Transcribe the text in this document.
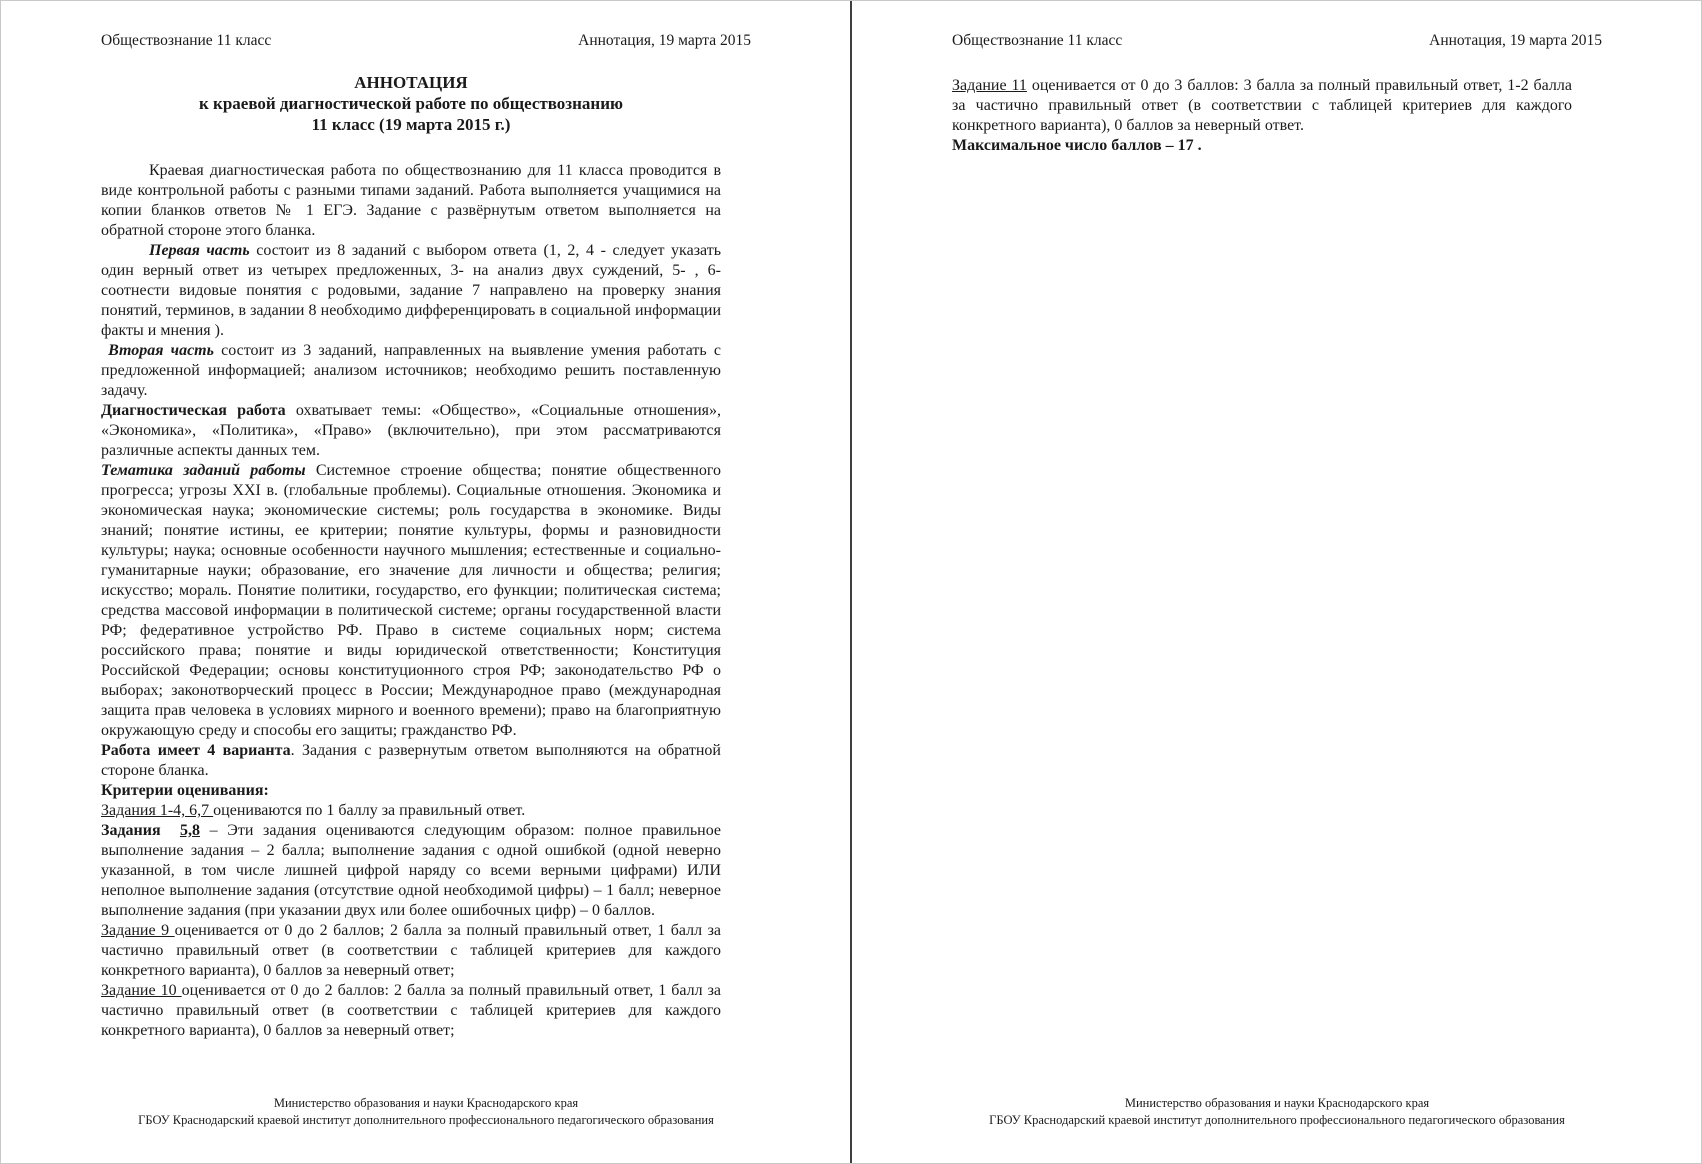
Обществознание 11 класс	Аннотация, 19 марта 2015
АННОТАЦИЯ
к краевой диагностической работе по обществознанию
11 класс (19 марта 2015 г.)

Краевая диагностическая работа по обществознанию для 11 класса проводится в виде контрольной работы с разными типами заданий. Работа выполняется учащимися на копии бланков ответов № 1 ЕГЭ. Задание с развёрнутым ответом выполняется на обратной стороне этого бланка.

Первая часть состоит из 8 заданий с выбором ответа (1, 2, 4 - следует указать один верный ответ из четырех предложенных, 3- на анализ двух суждений, 5- , 6- соотнести видовые понятия с родовыми, задание 7 направлено на проверку знания понятий, терминов, в задании 8 необходимо дифференцировать в социальной информации факты и мнения ).

Вторая часть состоит из 3 заданий, направленных на выявление умения работать с предложенной информацией; анализом источников; необходимо решить поставленную задачу.

Диагностическая работа охватывает темы: «Общество», «Социальные отношения», «Экономика», «Политика», «Право» (включительно), при этом рассматриваются различные аспекты данных тем.

Тематика заданий работы Системное строение общества; понятие общественного прогресса; угрозы XXI в. (глобальные проблемы). Социальные отношения. Экономика и экономическая наука; экономические системы; роль государства в экономике. Виды знаний; понятие истины, ее критерии; понятие культуры, формы и разновидности культуры; наука; основные особенности научного мышления; естественные и социально-гуманитарные науки; образование, его значение для личности и общества; религия; искусство; мораль. Понятие политики, государство, его функции; политическая система; средства массовой информации в политической системе; органы государственной власти РФ; федеративное устройство РФ. Право в системе социальных норм; система российского права; понятие и виды юридической ответственности; Конституция Российской Федерации; основы конституционного строя РФ; законодательство РФ о выборах; законотворческий процесс в России; Международное право (международная защита прав человека в условиях мирного и военного времени); право на благоприятную окружающую среду и способы его защиты; гражданство РФ.

Работа имеет 4 варианта. Задания с развернутым ответом выполняются на обратной стороне бланка.

Критерии оценивания:

Задания 1-4, 6,7 оцениваются по 1 баллу за правильный ответ.

Задания 5,8 – Эти задания оцениваются следующим образом: полное правильное выполнение задания – 2 балла; выполнение задания с одной ошибкой (одной неверно указанной, в том числе лишней цифрой наряду со всеми верными цифрами) ИЛИ неполное выполнение задания (отсутствие одной необходимой цифры) – 1 балл; неверное выполнение задания (при указании двух или более ошибочных цифр) – 0 баллов.

Задание 9 оценивается от 0 до 2 баллов; 2 балла за полный правильный ответ, 1 балл за частично правильный ответ (в соответствии с таблицей критериев для каждого конкретного варианта), 0 баллов за неверный ответ;

Задание 10 оценивается от 0 до 2 баллов: 2 балла за полный правильный ответ, 1 балл за частично правильный ответ (в соответствии с таблицей критериев для каждого конкретного варианта), 0 баллов за неверный ответ;

Министерство образования и науки Краснодарского края
ГБОУ Краснодарский краевой институт дополнительного профессионального педагогического образования
Обществознание 11 класс	Аннотация, 19 марта 2015

Задание 11 оценивается от 0 до 3 баллов: 3 балла за полный правильный ответ, 1-2 балла за частично правильный ответ (в соответствии с таблицей критериев для каждого конкретного варианта), 0 баллов за неверный ответ.

Максимальное число баллов – 17 .

Министерство образования и науки Краснодарского края
ГБОУ Краснодарский краевой институт дополнительного профессионального педагогического образования
